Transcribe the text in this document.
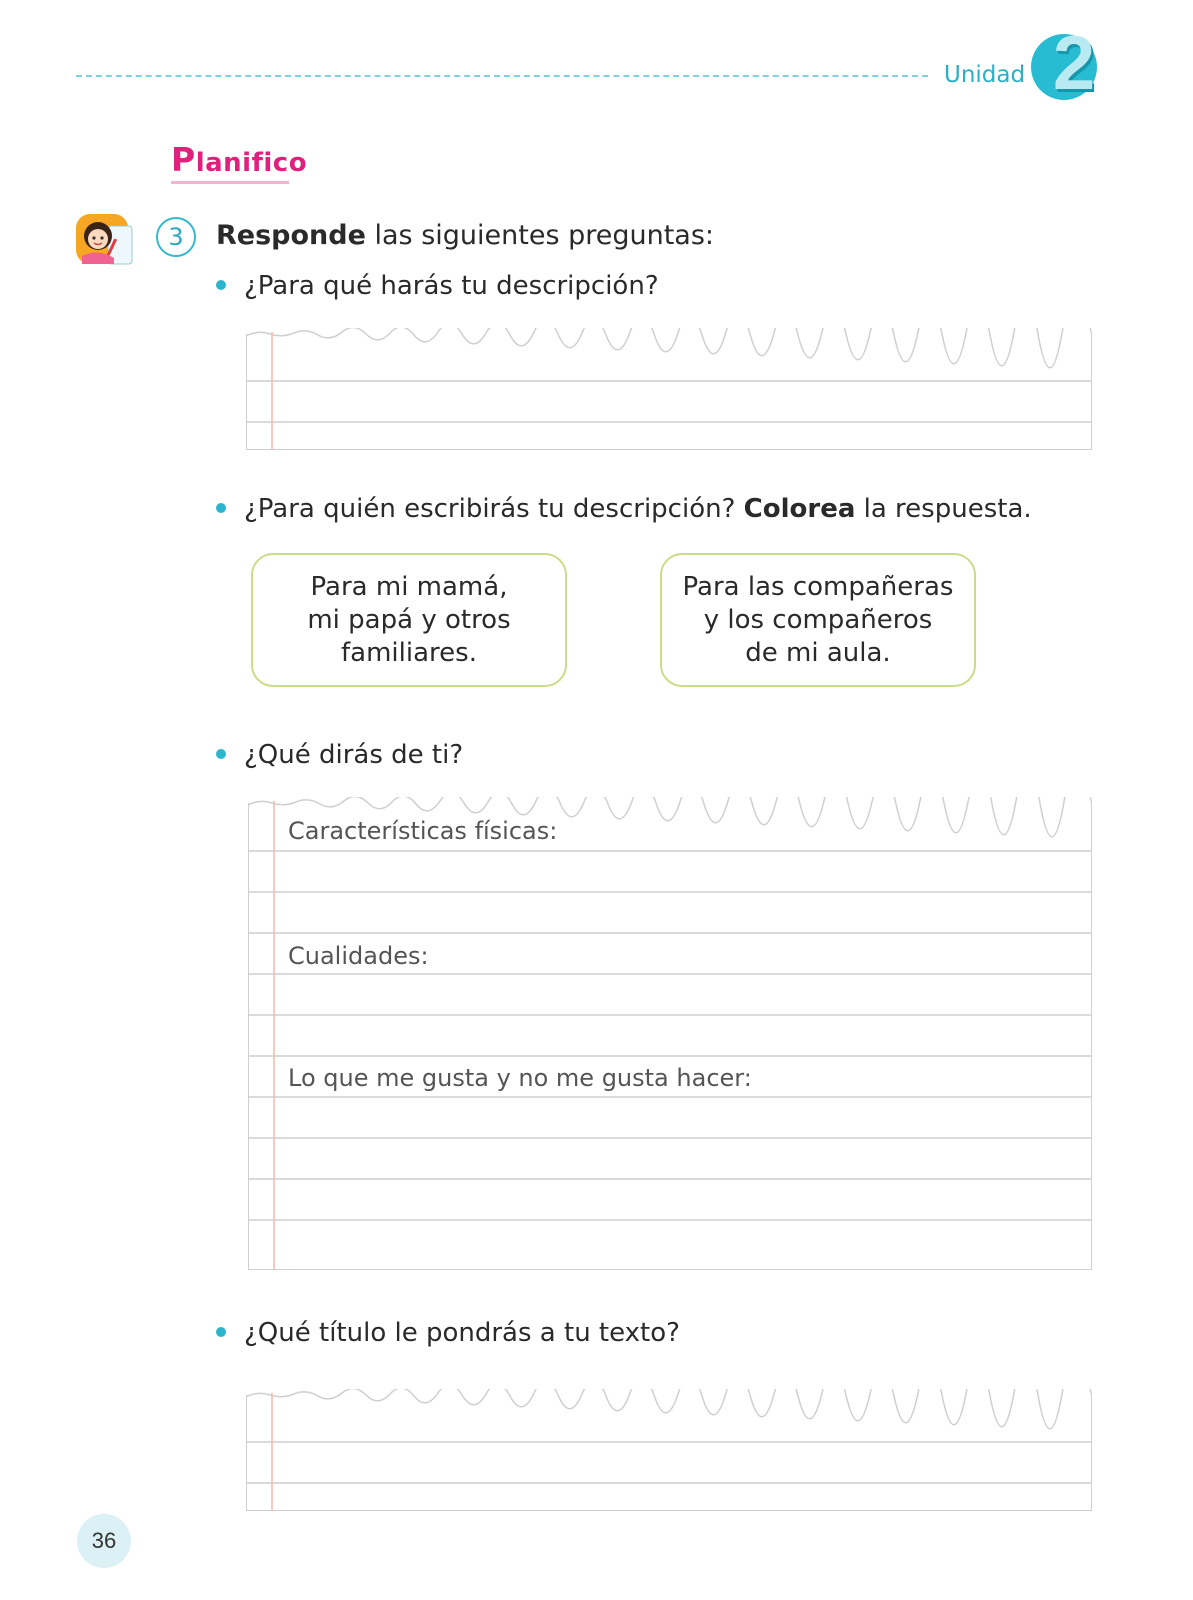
Unidad 2
Planifico
3	Responde las siguientes preguntas:
¿Para qué harás tu descripción?
¿Para quién escribirás tu descripción? Colorea la respuesta.
Para mi mamá,
mi papá y otros
familiares.
Para las compañeras
y los compañeros
de mi aula.
¿Qué dirás de ti?
Características físicas:
Cualidades:
Lo que me gusta y no me gusta hacer:
¿Qué título le pondrás a tu texto?
36
